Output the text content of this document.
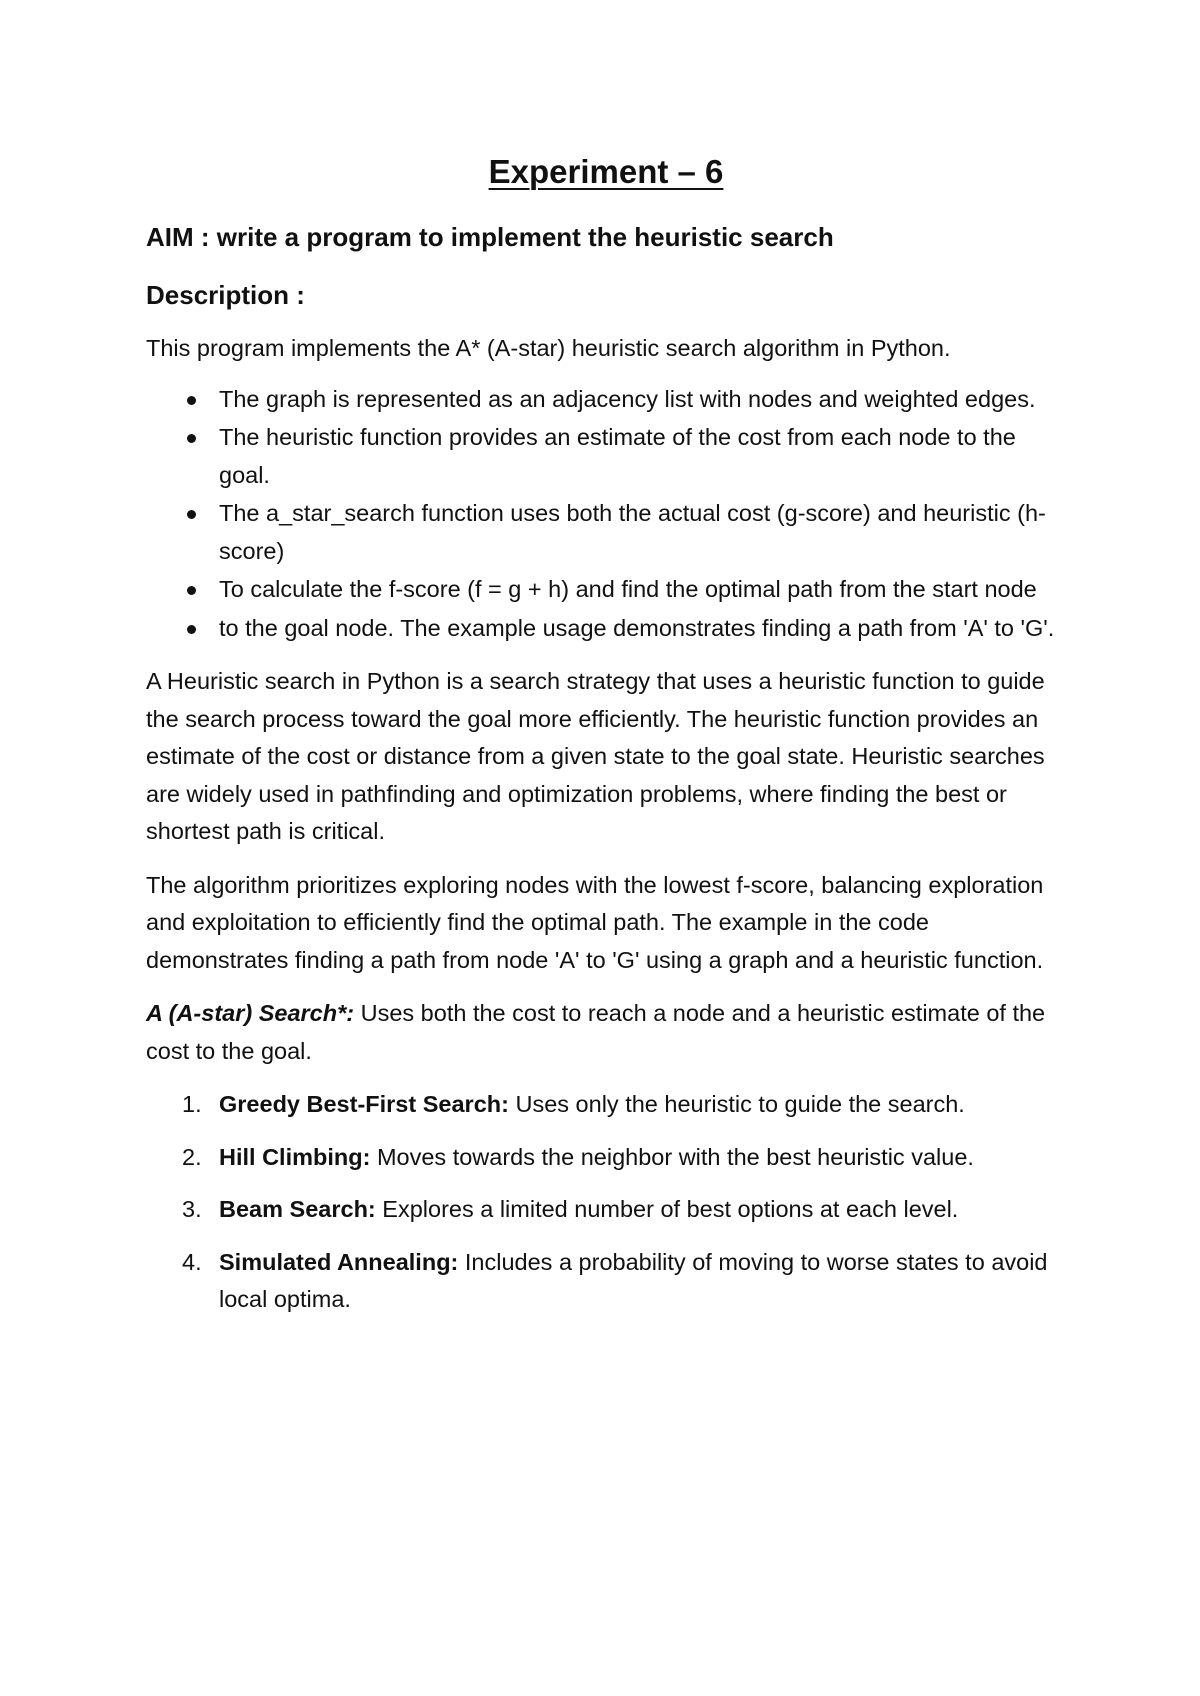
Experiment – 6
AIM : write a program to implement the heuristic search
Description :

This program implements the A* (A-star) heuristic search algorithm in Python.

The graph is represented as an adjacency list with nodes and weighted edges.
The heuristic function provides an estimate of the cost from each node to the goal.
The a_star_search function uses both the actual cost (g-score) and heuristic (h-score)
To calculate the f-score (f = g + h) and find the optimal path from the start node
to the goal node. The example usage demonstrates finding a path from 'A' to 'G'.

A Heuristic search in Python is a search strategy that uses a heuristic function to guide the search process toward the goal more efficiently. The heuristic function provides an estimate of the cost or distance from a given state to the goal state. Heuristic searches are widely used in pathfinding and optimization problems, where finding the best or shortest path is critical.

The algorithm prioritizes exploring nodes with the lowest f-score, balancing exploration and exploitation to efficiently find the optimal path. The example in the code demonstrates finding a path from node 'A' to 'G' using a graph and a heuristic function.

A (A-star) Search*: Uses both the cost to reach a node and a heuristic estimate of the cost to the goal.

1. Greedy Best-First Search: Uses only the heuristic to guide the search.
2. Hill Climbing: Moves towards the neighbor with the best heuristic value.
3. Beam Search: Explores a limited number of best options at each level.
4. Simulated Annealing: Includes a probability of moving to worse states to avoid local optima.
